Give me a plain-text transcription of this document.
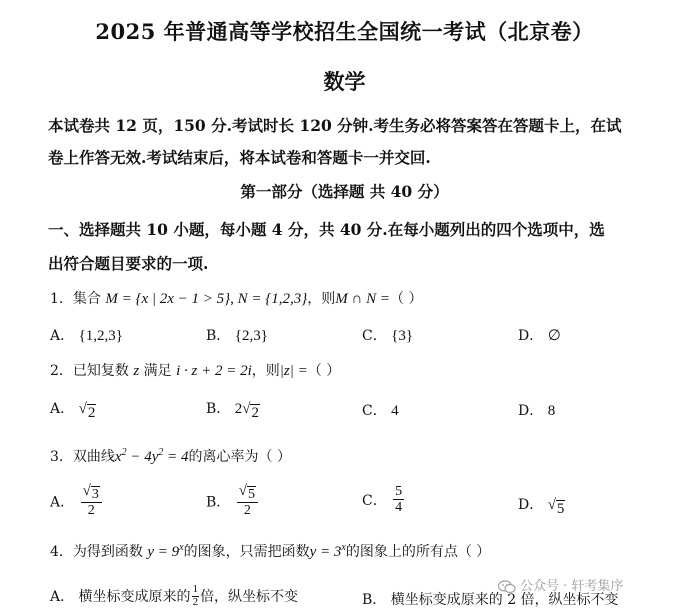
2025 年普通高等学校招生全国统一考试（北京卷）
数学
本试卷共 12 页，150 分.考试时长 120 分钟.考生务必将答案答在答题卡上，在试
卷上作答无效.考试结束后，将本试卷和答题卡一并交回.
第一部分（选择题 共 40 分）
一、选择题共 10 小题，每小题 4 分，共 40 分.在每小题列出的四个选项中，选
出符合题目要求的一项.
1．集合 M = {x | 2x − 1 > 5}, N = {1,2,3}，则M ∩ N =（ ）
A． {1,2,3}	B． {2,3}	C． {3}	D． ∅
2．已知复数 z 满足 i · z + 2 = 2i，则|z| =（ ）
A． √ 2	B． 2 √ 2	C． 4	D． 8
3．双曲线$x^2 - 4y^2 = 4$的离心率为（ ）
A． $\frac{√ 3}{2}$	B． $\frac{√ 5}{2}$	C． $\frac{5}{4}$	D． √ 5
4．为得到函数 $y = 9^x$的图象，只需把函数$y = 3^x$的图象上的所有点（ ）
A． 横坐标变成原来的 $\frac{1}{2}$ 倍，纵坐标不变	B． 横坐标变成原来的 2 倍，纵坐标不变
公众号 · 轩考集序
